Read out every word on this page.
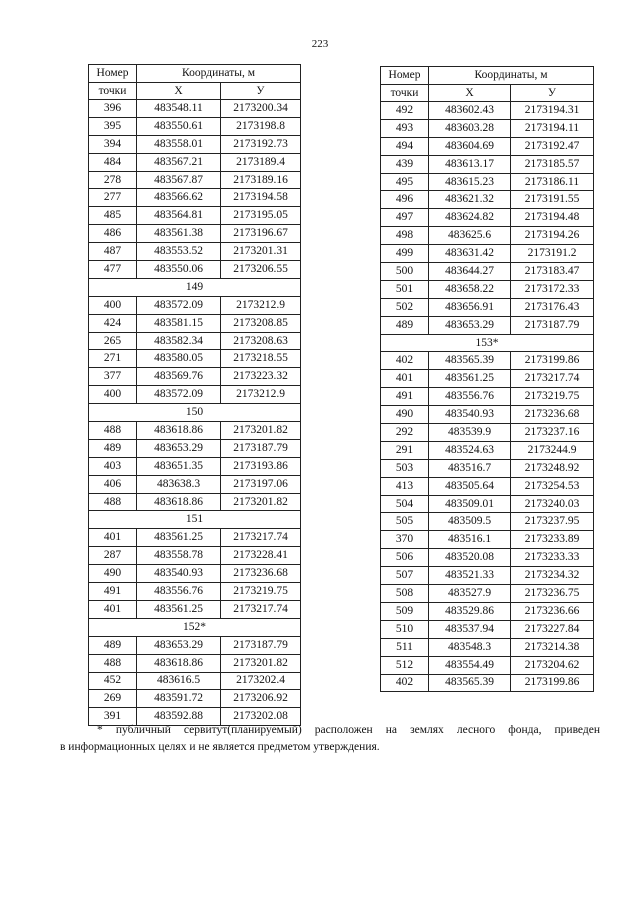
223
Номер	Координаты, м	
точки	X	У
396	483548.11	2173200.34
395	483550.61	2173198.8
394	483558.01	2173192.73
484	483567.21	2173189.4
278	483567.87	2173189.16
277	483566.62	2173194.58
485	483564.81	2173195.05
486	483561.38	2173196.67
487	483553.52	2173201.31
477	483550.06	2173206.55
149		
400	483572.09	2173212.9
424	483581.15	2173208.85
265	483582.34	2173208.63
271	483580.05	2173218.55
377	483569.76	2173223.32
400	483572.09	2173212.9
150		
488	483618.86	2173201.82
489	483653.29	2173187.79
403	483651.35	2173193.86
406	483638.3	2173197.06
488	483618.86	2173201.82
151		
401	483561.25	2173217.74
287	483558.78	2173228.41
490	483540.93	2173236.68
491	483556.76	2173219.75
401	483561.25	2173217.74
152*		
489	483653.29	2173187.79
488	483618.86	2173201.82
452	483616.5	2173202.4
269	483591.72	2173206.92
391	483592.88	2173202.08
Номер	Координаты, м	
точки	X	У
492	483602.43	2173194.31
493	483603.28	2173194.11
494	483604.69	2173192.47
439	483613.17	2173185.57
495	483615.23	2173186.11
496	483621.32	2173191.55
497	483624.82	2173194.48
498	483625.6	2173194.26
499	483631.42	2173191.2
500	483644.27	2173183.47
501	483658.22	2173172.33
502	483656.91	2173176.43
489	483653.29	2173187.79
153*		
402	483565.39	2173199.86
401	483561.25	2173217.74
491	483556.76	2173219.75
490	483540.93	2173236.68
292	483539.9	2173237.16
291	483524.63	2173244.9
503	483516.7	2173248.92
413	483505.64	2173254.53
504	483509.01	2173240.03
505	483509.5	2173237.95
370	483516.1	2173233.89
506	483520.08	2173233.33
507	483521.33	2173234.32
508	483527.9	2173236.75
509	483529.86	2173236.66
510	483537.94	2173227.84
511	483548.3	2173214.38
512	483554.49	2173204.62
402	483565.39	2173199.86
* публичный сервитут(планируемый) расположен на землях лесного фонда, приведен
в информационных целях и не является предметом утверждения.
